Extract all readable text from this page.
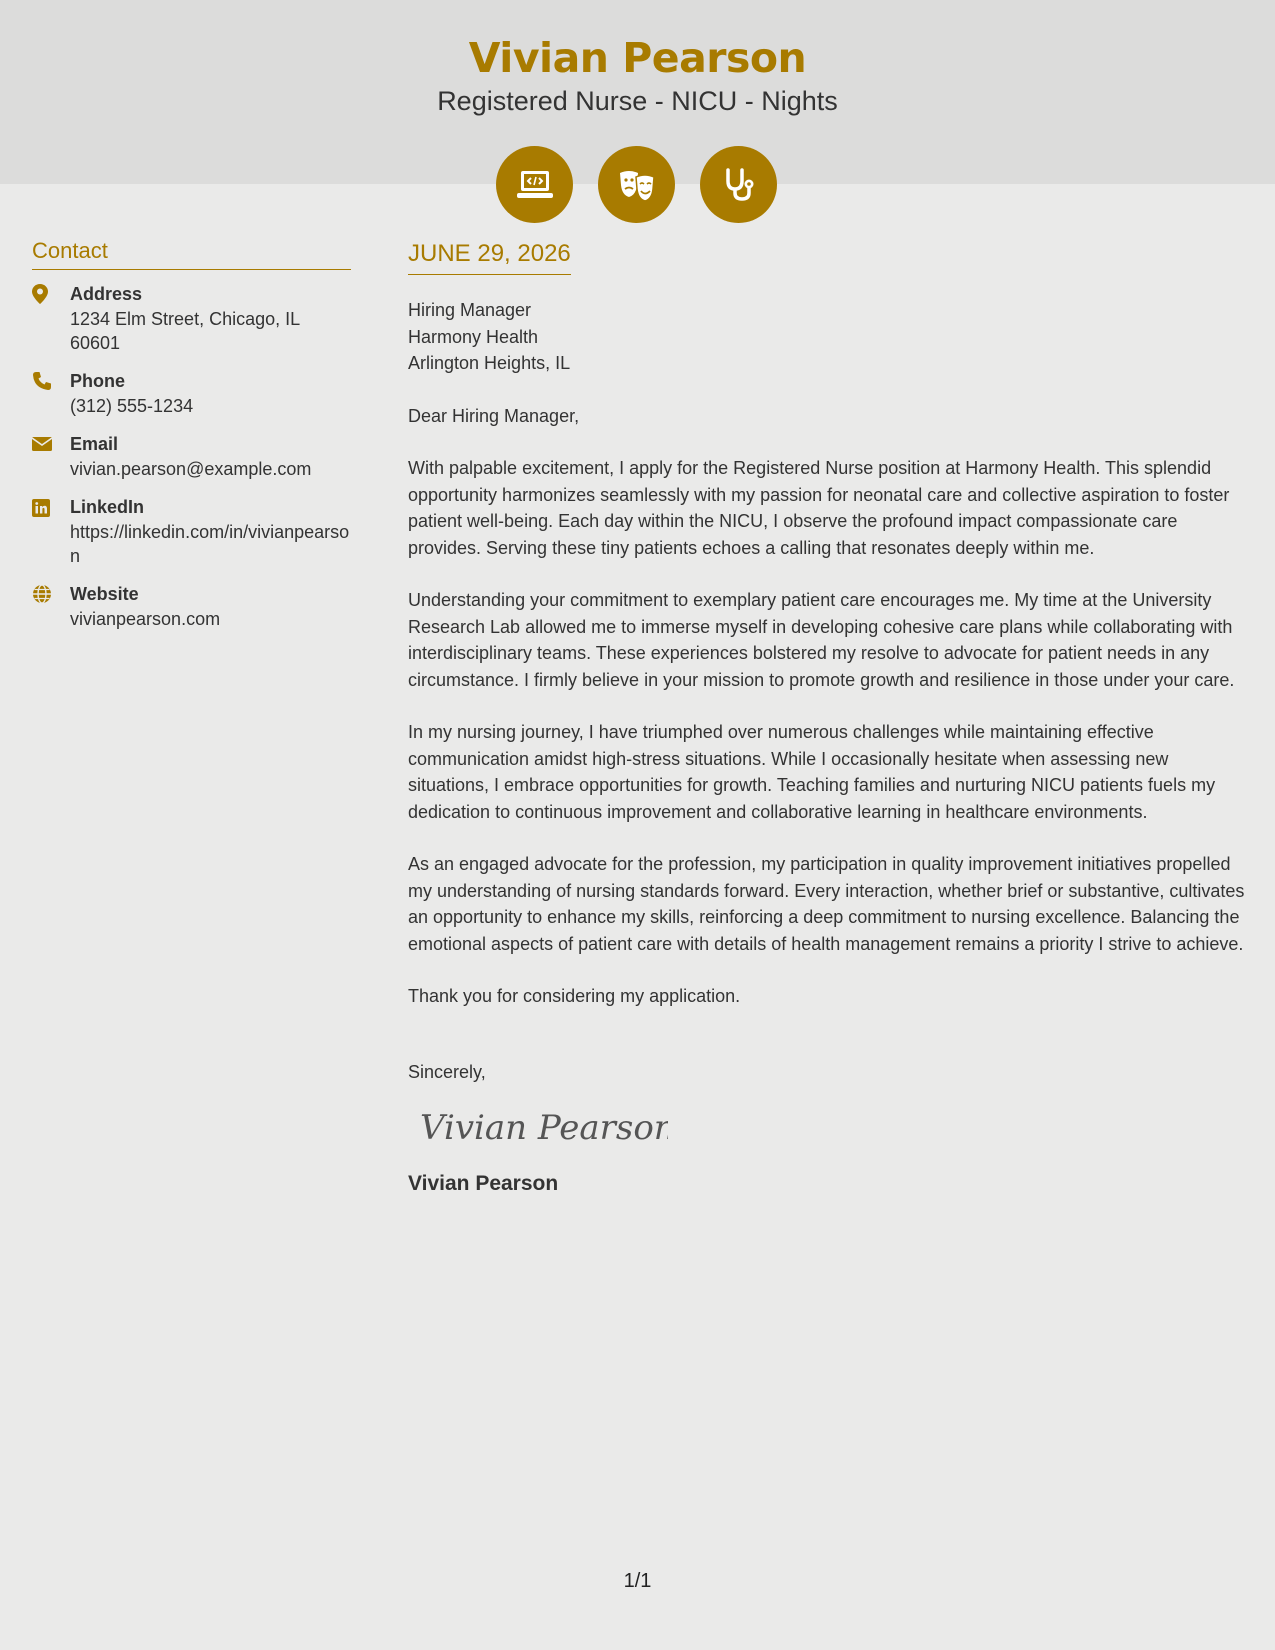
Vivian Pearson
Registered Nurse - NICU - Nights
Contact
Address
1234 Elm Street, Chicago, IL 60601
Phone
(312) 555-1234
Email
vivian.pearson@example.com
LinkedIn
https://linkedin.com/in/vivianpearson
Website
vivianpearson.com
JUNE 29, 2026
Hiring Manager
Harmony Health
Arlington Heights, IL

Dear Hiring Manager,

With palpable excitement, I apply for the Registered Nurse position at Harmony Health. This splendid opportunity harmonizes seamlessly with my passion for neonatal care and collective aspiration to foster patient well-being. Each day within the NICU, I observe the profound impact compassionate care provides. Serving these tiny patients echoes a calling that resonates deeply within me.

Understanding your commitment to exemplary patient care encourages me. My time at the University Research Lab allowed me to immerse myself in developing cohesive care plans while collaborating with interdisciplinary teams. These experiences bolstered my resolve to advocate for patient needs in any circumstance. I firmly believe in your mission to promote growth and resilience in those under your care.

In my nursing journey, I have triumphed over numerous challenges while maintaining effective communication amidst high-stress situations. While I occasionally hesitate when assessing new situations, I embrace opportunities for growth. Teaching families and nurturing NICU patients fuels my dedication to continuous improvement and collaborative learning in healthcare environments.

As an engaged advocate for the profession, my participation in quality improvement initiatives propelled my understanding of nursing standards forward. Every interaction, whether brief or substantive, cultivates an opportunity to enhance my skills, reinforcing a deep commitment to nursing excellence. Balancing the emotional aspects of patient care with details of health management remains a priority I strive to achieve.

Thank you for considering my application.

Sincerely,
Vivian Pearson
Vivian Pearson
1/1
